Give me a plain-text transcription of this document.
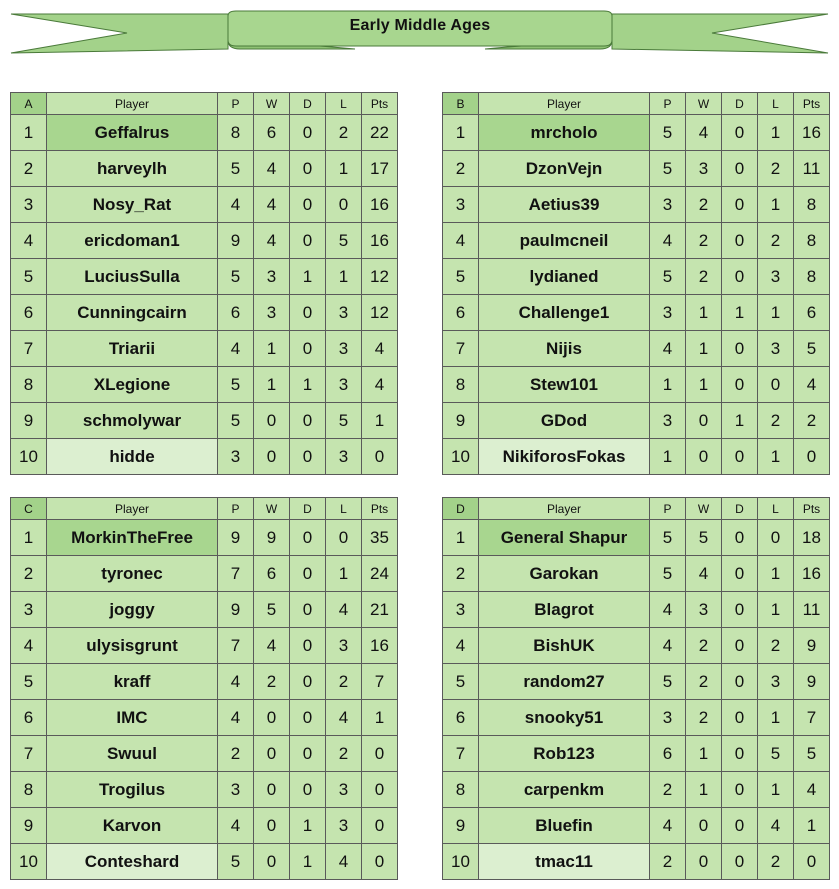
Early Middle Ages
A	Player	P	W	D	L	Pts
1	Geffalrus	8	6	0	2	22
2	harveylh	5	4	0	1	17
3	Nosy_Rat	4	4	0	0	16
4	ericdoman1	9	4	0	5	16
5	LuciusSulla	5	3	1	1	12
6	Cunningcairn	6	3	0	3	12
7	Triarii	4	1	0	3	4
8	XLegione	5	1	1	3	4
9	schmolywar	5	0	0	5	1
10	hidde	3	0	0	3	0
B	Player	P	W	D	L	Pts
1	mrcholo	5	4	0	1	16
2	DzonVejn	5	3	0	2	11
3	Aetius39	3	2	0	1	8
4	paulmcneil	4	2	0	2	8
5	lydianed	5	2	0	3	8
6	Challenge1	3	1	1	1	6
7	Nijis	4	1	0	3	5
8	Stew101	1	1	0	0	4
9	GDod	3	0	1	2	2
10	NikiforosFokas	1	0	0	1	0
C	Player	P	W	D	L	Pts
1	MorkinTheFree	9	9	0	0	35
2	tyronec	7	6	0	1	24
3	joggy	9	5	0	4	21
4	ulysisgrunt	7	4	0	3	16
5	kraff	4	2	0	2	7
6	IMC	4	0	0	4	1
7	Swuul	2	0	0	2	0
8	Trogilus	3	0	0	3	0
9	Karvon	4	0	1	3	0
10	Conteshard	5	0	1	4	0
D	Player	P	W	D	L	Pts
1	General Shapur	5	5	0	0	18
2	Garokan	5	4	0	1	16
3	Blagrot	4	3	0	1	11
4	BishUK	4	2	0	2	9
5	random27	5	2	0	3	9
6	snooky51	3	2	0	1	7
7	Rob123	6	1	0	5	5
8	carpenkm	2	1	0	1	4
9	Bluefin	4	0	0	4	1
10	tmac11	2	0	0	2	0
